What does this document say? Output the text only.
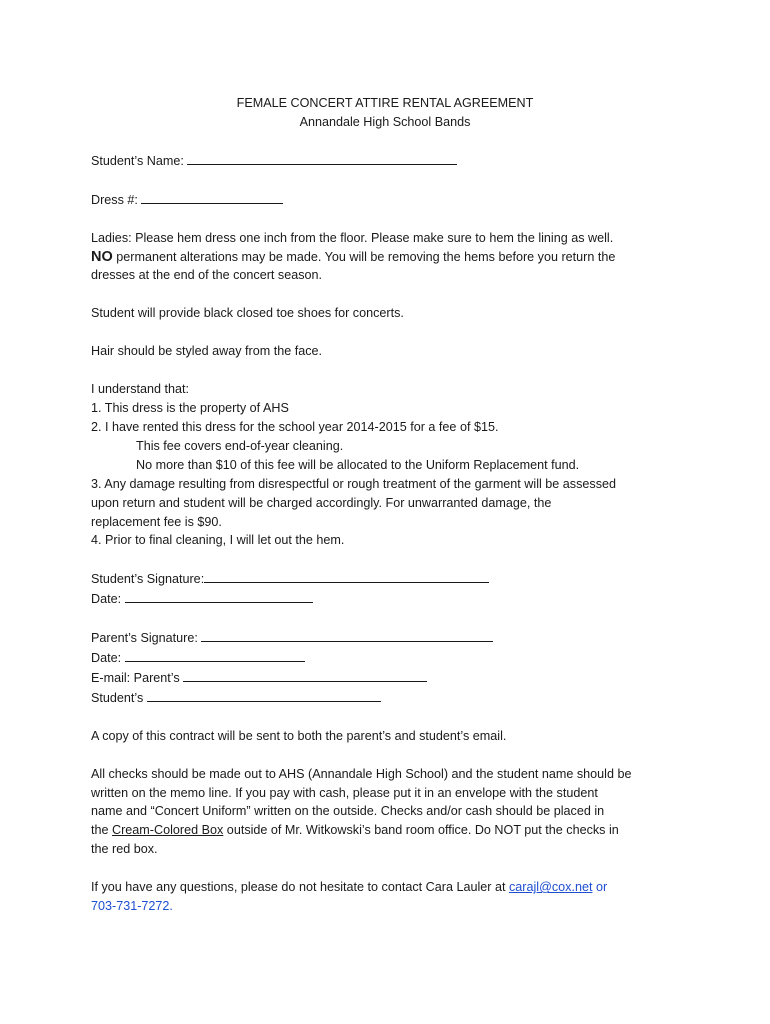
FEMALE CONCERT ATTIRE RENTAL AGREEMENT

Annandale High School Bands

Student’s Name:

Dress #:

Ladies: Please hem dress one inch from the floor. Please make sure to hem the lining as well.

NO permanent alterations may be made. You will be removing the hems before you return the

dresses at the end of the concert season.

Student will provide black closed toe shoes for concerts.

Hair should be styled away from the face.

I understand that:

1. This dress is the property of AHS

2. I have rented this dress for the school year 2014-2015 for a fee of $15.

This fee covers end-of-year cleaning.

No more than $10 of this fee will be allocated to the Uniform Replacement fund.

3. Any damage resulting from disrespectful or rough treatment of the garment will be assessed

upon return and student will be charged accordingly. For unwarranted damage, the

replacement fee is $90.

4. Prior to final cleaning, I will let out the hem.

Student’s Signature:

Date:

Parent’s Signature:

Date:

E-mail: Parent’s

Student’s

A copy of this contract will be sent to both the parent’s and student’s email.

All checks should be made out to AHS (Annandale High School) and the student name should be

written on the memo line. If you pay with cash, please put it in an envelope with the student

name and “Concert Uniform” written on the outside. Checks and/or cash should be placed in

the Cream-Colored Box outside of Mr. Witkowski’s band room office. Do NOT put the checks in

the red box.

If you have any questions, please do not hesitate to contact Cara Lauler at carajl@cox.net or

703-731-7272.
